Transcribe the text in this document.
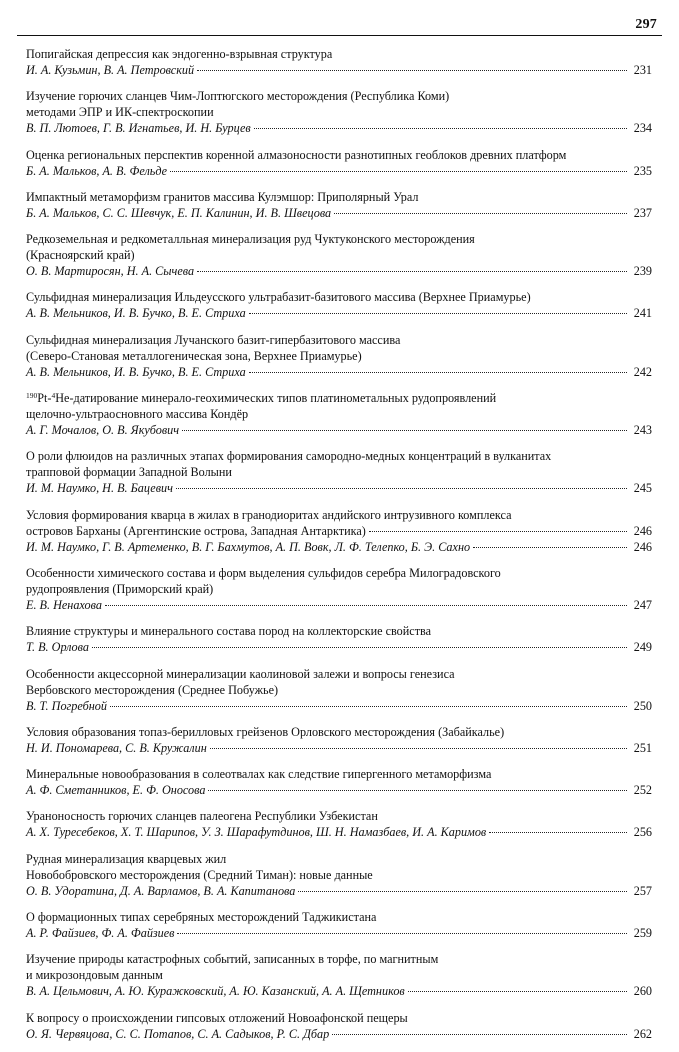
297
Попигайская депрессия как эндогенно-взрывная структура
И. А. Кузьмин, В. А. Петровский	231
Изучение горючих сланцев Чим-Лоптюгского месторождения (Республика Коми)
методами ЭПР и ИК-спектроскопии
В. П. Лютоев, Г. В. Игнатьев, И. Н. Бурцев	234
Оценка региональных перспектив коренной алмазоносности разнотипных геоблоков древних платформ
Б. А. Мальков, А. В. Фельде	235
Импактный метаморфизм гранитов массива Кулэмшор: Приполярный Урал
Б. А. Мальков, С. С. Шевчук, Е. П. Калинин, И. В. Швецова	237
Редкоземельная и редкометалльная минерализация руд Чуктуконского месторождения
(Красноярский край)
О. В. Мартиросян, Н. А. Сычева	239
Сульфидная минерализация Ильдеусского ультрабазит-базитового массива (Верхнее Приамурье)
А. В. Мельников, И. В. Бучко, В. Е. Стриха	241
Сульфидная минерализация Лучанского базит-гипербазитового массива
(Северо-Становая металлогеническая зона, Верхнее Приамурье)
А. В. Мельников, И. В. Бучко, В. Е. Стриха	242
$^{190}$Pt-$^4$He-датирование минерало-геохимических типов платинометальных рудопроявлений
щелочно-ультраосновного массива Кондёр
А. Г. Мочалов, О. В. Якубович	243
О роли флюидов на различных этапах формирования самородно-медных концентраций в вулканитах
трапповой формации Западной Волыни
И. М. Наумко, Н. В. Бацевич	245
Условия формирования кварца в жилах в гранодиоритах андийского интрузивного комплекса
островов Барханы (Аргентинские острова, Западная Антарктика)	246
И. М. Наумко, Г. В. Артеменко, В. Г. Бахмутов, А. П. Вовк, Л. Ф. Телепко, Б. Э. Сахно	246
Особенности химического состава и форм выделения сульфидов серебра Милоградовского
рудопроявления (Приморский край)
Е. В. Ненахова	247
Влияние структуры и минерального состава пород на коллекторские свойства
Т. В. Орлова	249
Особенности акцессорной минерализации каолиновой залежи и вопросы генезиса
Вербовского месторождения (Среднее Побужье)
В. Т. Погребной	250
Условия образования топаз-берилловых грейзенов Орловского месторождения (Забайкалье)
Н. И. Пономарева, С. В. Кружалин	251
Минеральные новообразования в солеотвалах как следствие гипергенного метаморфизма
А. Ф. Сметанников, Е. Ф. Оносова	252
Ураноносность горючих сланцев палеогена Республики Узбекистан
А. Х. Туресебеков, Х. Т. Шарипов, У. З. Шарафутдинов, Ш. Н. Намазбаев, И. А. Каримов	256
Рудная минерализация кварцевых жил
Новобобровского месторождения (Средний Тиман): новые данные
О. В. Удоратина, Д. А. Варламов, В. А. Капитанова	257
О формационных типах серебряных месторождений Таджикистана
А. Р. Файзиев, Ф. А. Файзиев	259
Изучение природы катастрофных событий, записанных в торфе, по магнитным
и микрозондовым данным
В. А. Цельмович, А. Ю. Куражковский, А. Ю. Казанский, А. А. Щетников	260
К вопросу о происхождении гипсовых отложений Новоафонской пещеры
О. Я. Червяцова, С. С. Потапов, С. А. Садыков, Р. С. Дбар	262
